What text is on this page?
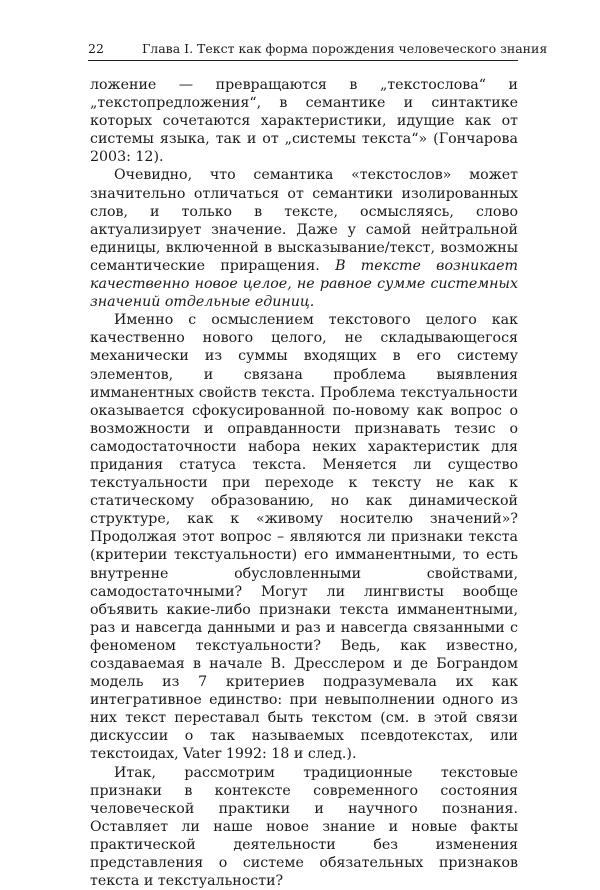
22	Глава I. Текст как форма порождения человеческого знания

ложение — превращаются в „текстослова“ и „текстопредложения“, в семантике и синтактике которых сочетаются характеристики, идущие как от системы языка, так и от „системы текста“» (Гончарова 2003: 12).

Очевидно, что семантика «текстослов» может значительно отличаться от семантики изолированных слов, и только в тексте, осмысляясь, слово актуализирует значение. Даже у самой нейтральной единицы, включенной в высказывание/текст, возможны семантические приращения. В тексте возникает качественно новое целое, не равное сумме системных значений отдельные единиц.

Именно с осмыслением текстового целого как качественно нового целого, не складывающегося механически из суммы входящих в его систему элементов, и связана проблема выявления имманентных свойств текста. Проблема текстуальности оказывается сфокусированной по-новому как вопрос о возможности и оправданности признавать тезис о самодостаточности набора неких характеристик для придания статуса текста. Меняется ли существо текстуальности при переходе к тексту не как к статическому образованию, но как динамической структуре, как к «живому носителю значений»? Продолжая этот вопрос – являются ли признаки текста (критерии текстуальности) его имманентными, то есть внутренне обусловленными свойствами, самодостаточными? Могут ли лингвисты вообще объявить какие-либо признаки текста имманентными, раз и навсегда данными и раз и навсегда связанными с феноменом текстуальности? Ведь, как известно, создаваемая в начале В. Дресслером и де Бограндом модель из 7 критериев подразумевала их как интегративное единство: при невыполнении одного из них текст переставал быть текстом (см. в этой связи дискуссии о так называемых псевдотекстах, или текстоидах, Vater 1992: 18 и след.).

Итак, рассмотрим традиционные текстовые признаки в контексте современного состояния человеческой практики и научного познания. Оставляет ли наше новое знание и новые факты практической деятельности без изменения представления о системе обязательных признаков текста и текстуальности?
